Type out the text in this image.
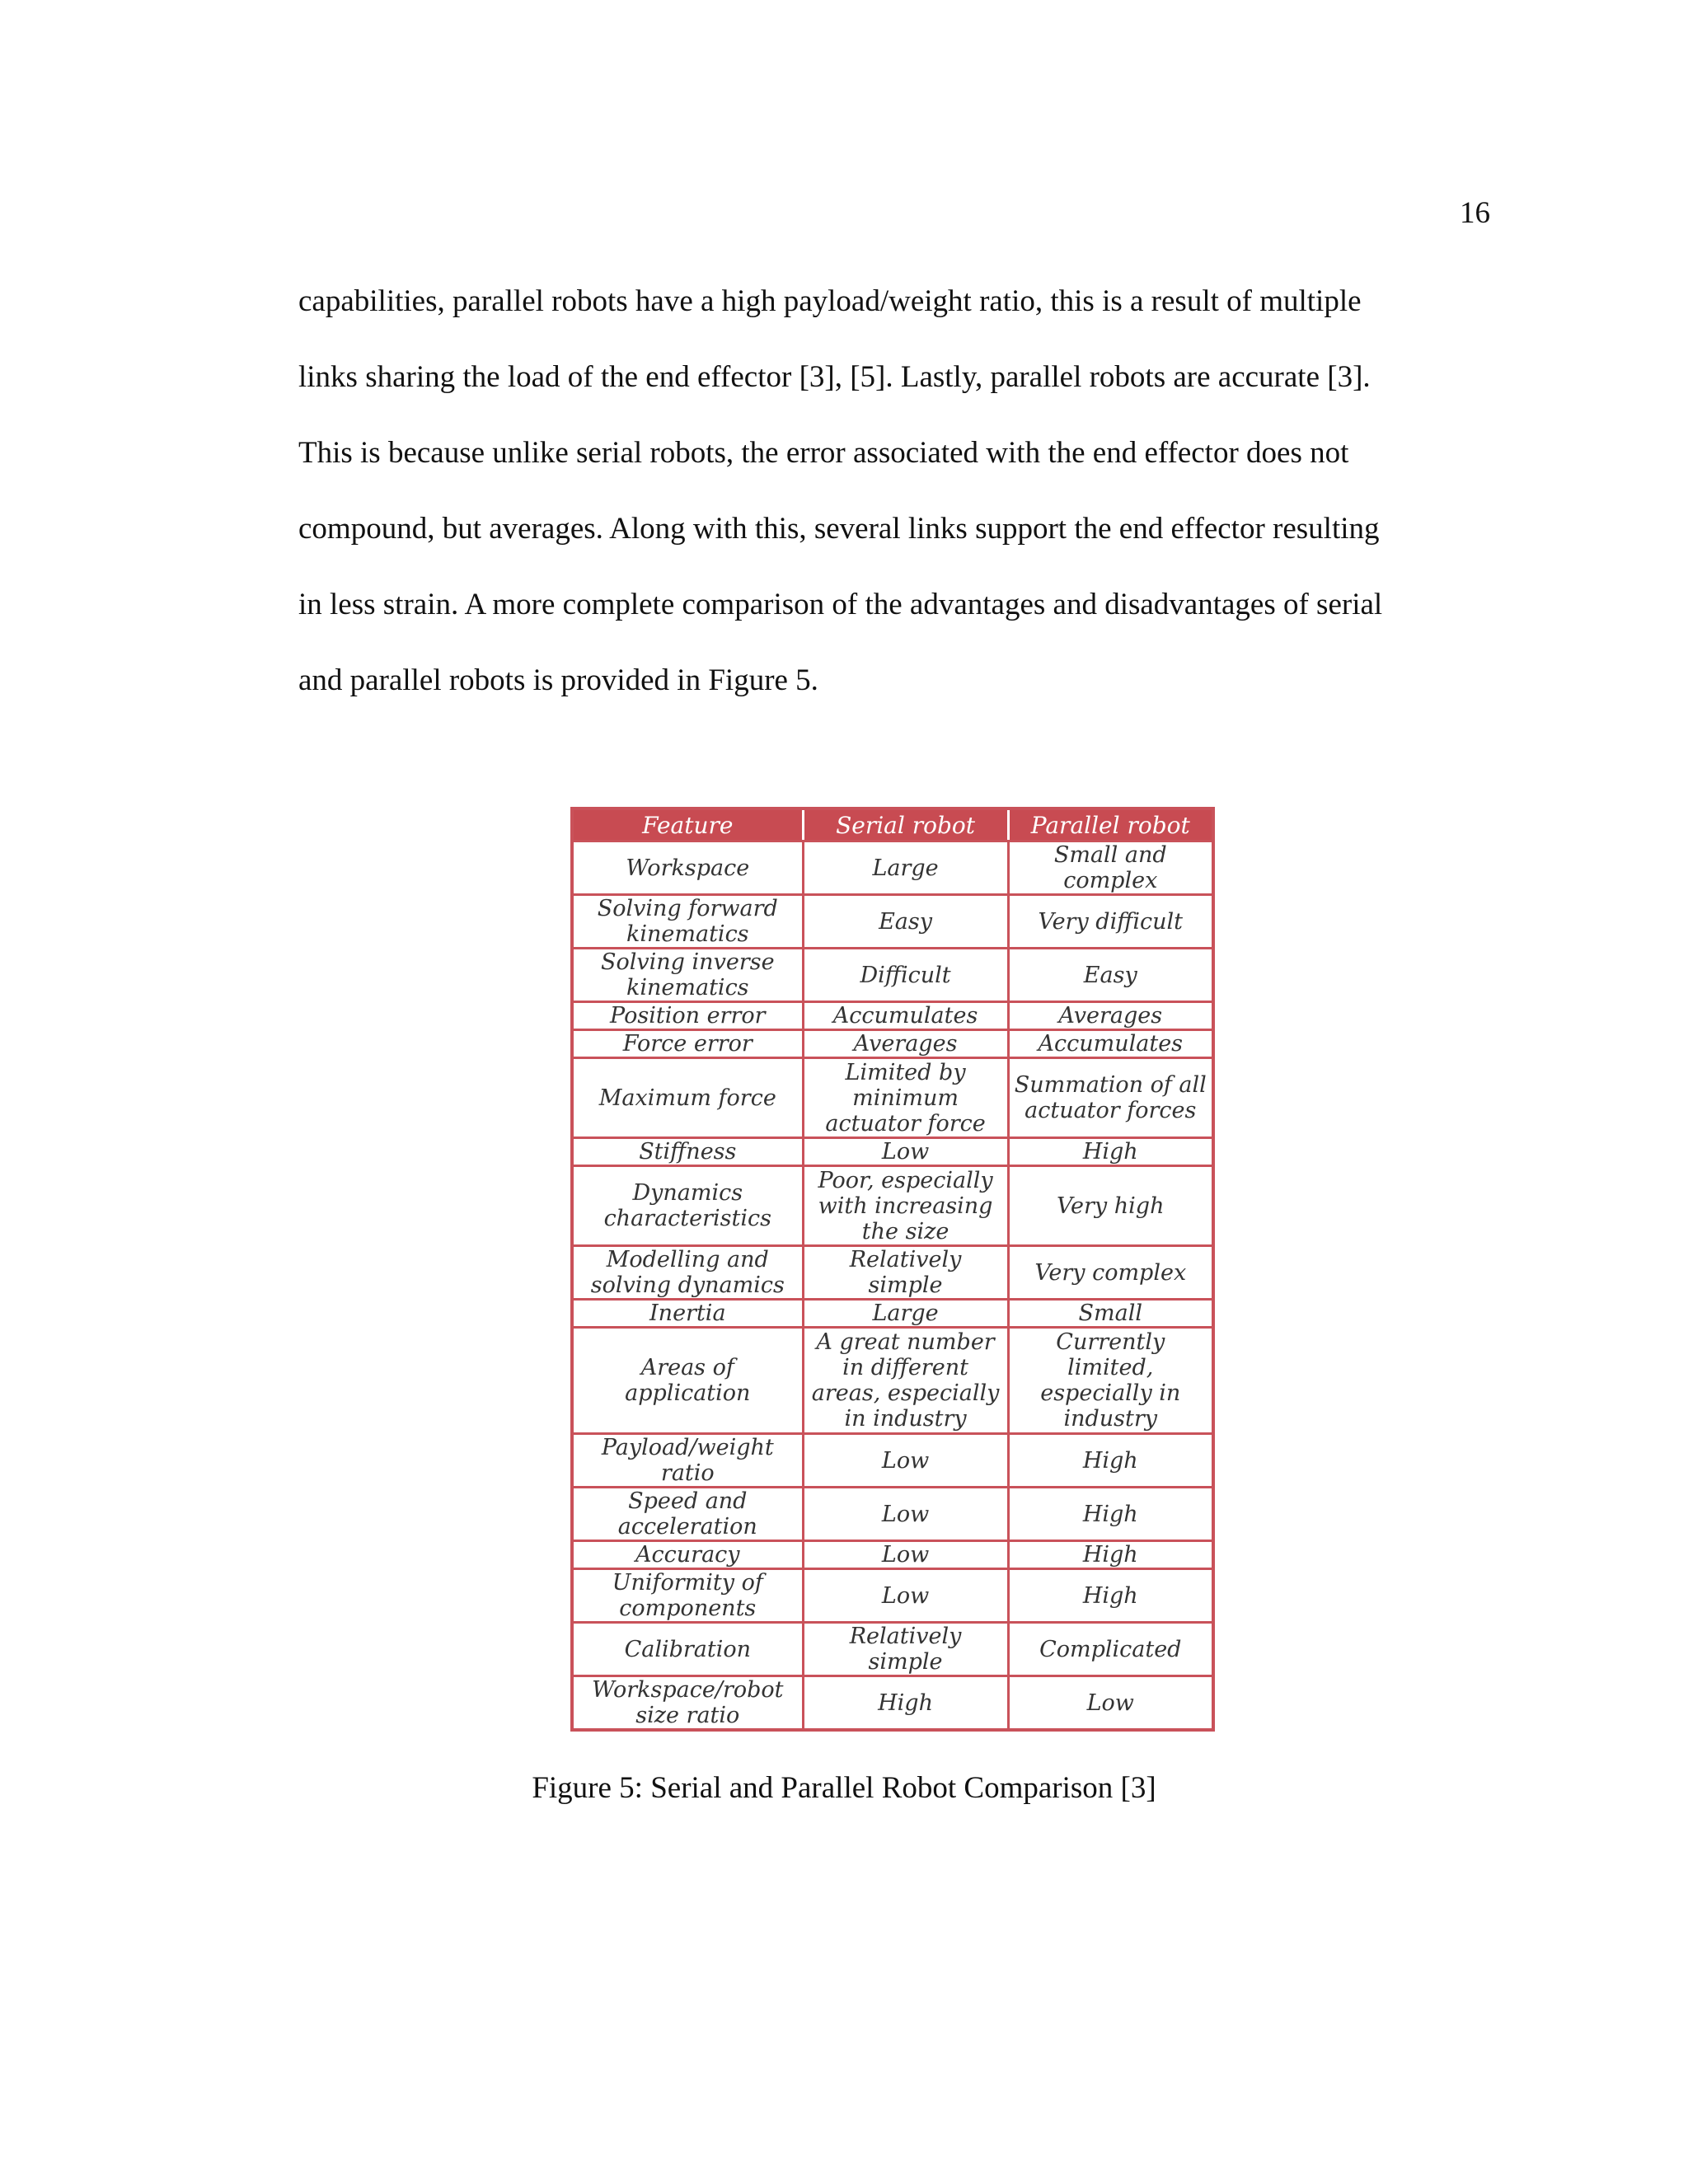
16
capabilities, parallel robots have a high payload/weight ratio, this is a result of multiple
links sharing the load of the end effector [3], [5]. Lastly, parallel robots are accurate [3].
This is because unlike serial robots, the error associated with the end effector does not
compound, but averages. Along with this, several links support the end effector resulting
in less strain. A more complete comparison of the advantages and disadvantages of serial
and parallel robots is provided in Figure 5.
Feature	Serial robot	Parallel robot
Workspace	Large	Small and complex
Solving forward kinematics	Easy	Very difficult
Solving inverse kinematics	Difficult	Easy
Position error	Accumulates	Averages
Force error	Averages	Accumulates
Maximum force	Limited by minimum actuator force	Summation of all actuator forces
Stiffness	Low	High
Dynamics characteristics	Poor, especially with increasing the size	Very high
Modelling and solving dynamics	Relatively simple	Very complex
Inertia	Large	Small
Areas of application	A great number in different areas, especially in industry	Currently limited, especially in industry
Payload/weight ratio	Low	High
Speed and acceleration	Low	High
Accuracy	Low	High
Uniformity of components	Low	High
Calibration	Relatively simple	Complicated
Workspace/robot size ratio	High	Low
Figure 5: Serial and Parallel Robot Comparison [3]
